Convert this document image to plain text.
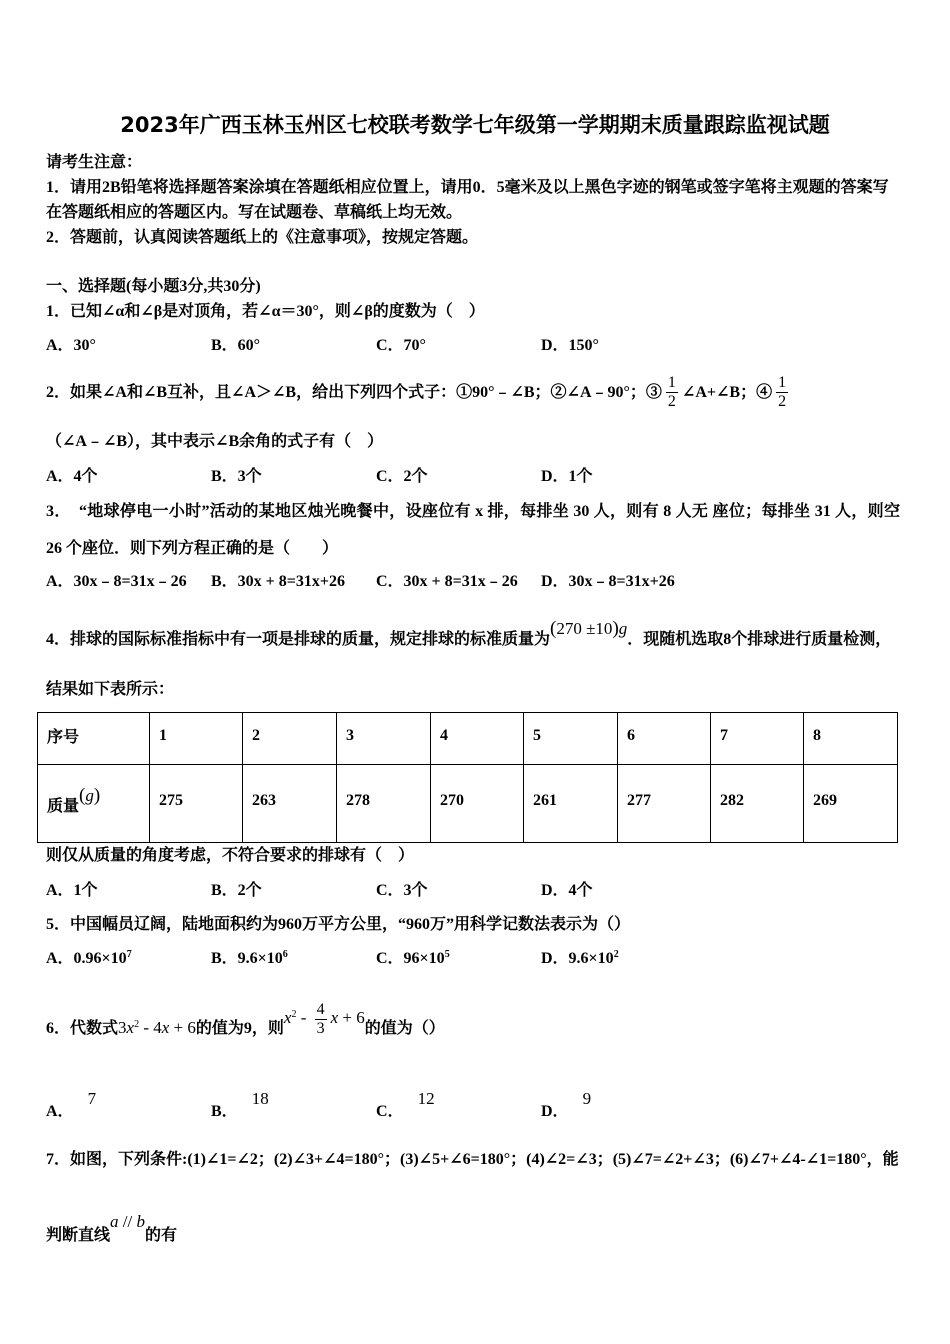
2023年广西玉林玉州区七校联考数学七年级第一学期期末质量跟踪监视试题
请考生注意：
1．请用2B铅笔将选择题答案涂填在答题纸相应位置上，请用0．5毫米及以上黑色字迹的钢笔或签字笔将主观题的答案写在答题纸相应的答题区内。写在试题卷、草稿纸上均无效。
2．答题前，认真阅读答题纸上的《注意事项》，按规定答题。
一、选择题(每小题3分,共30分)
1．已知∠α和∠β是对顶角，若∠α＝30°，则∠β的度数为（　）
A．30°	B．60°	C．70°	D．150°
2．如果∠A和∠B互补，且∠A＞∠B，给出下列四个式子：①90°﹣∠B；②∠A﹣90°；③ $\frac{1}{2}$ ∠A+∠B；④ $\frac{1}{2}$
（∠A﹣∠B），其中表示∠B余角的式子有（　）
A．4个	B．3个	C．2个	D．1个
3．　“地球停电一小时”活动的某地区烛光晚餐中，设座位有 x 排，每排坐 30 人，则有 8 人无 座位；每排坐 31 人，则空 26 个座位．则下列方程正确的是（　　）
A．30x﹣8=31x﹣26	B．30x + 8=31x+26	C．30x + 8=31x﹣26	D．30x﹣8=31x+26
4．排球的国际标准指标中有一项是排球的质量，规定排球的标准质量为(270 ±10)g．现随机选取8个排球进行质量检测，结果如下表所示：
序号	1	2	3	4	5	6	7	8
质量(g)	275	263	278	270	261	277	282	269
则仅从质量的角度考虑，不符合要求的排球有（　）
A．1个	B．2个	C．3个	D．4个
5．中国幅员辽阔，陆地面积约为960万平方公里，“960万”用科学记数法表示为（）
A．$0.96\times 10^7$	B．$9.6\times 10^6$	C．$96\times 10^5$	D．$9.6\times 10^2$
6．代数式$3x^2 - 4x + 6$的值为9，则$x^2 - \frac{4}{3}$ x + 6的值为（）
A．7
B．18
C．12
D．9
7．如图，下列条件:(1)∠1=∠2；(2)∠3+∠4=180°；(3)∠5+∠6=180°；(4)∠2=∠3；(5)∠7=∠2+∠3；(6)∠7+∠4-∠1=180°，能判断直线a // b的有
